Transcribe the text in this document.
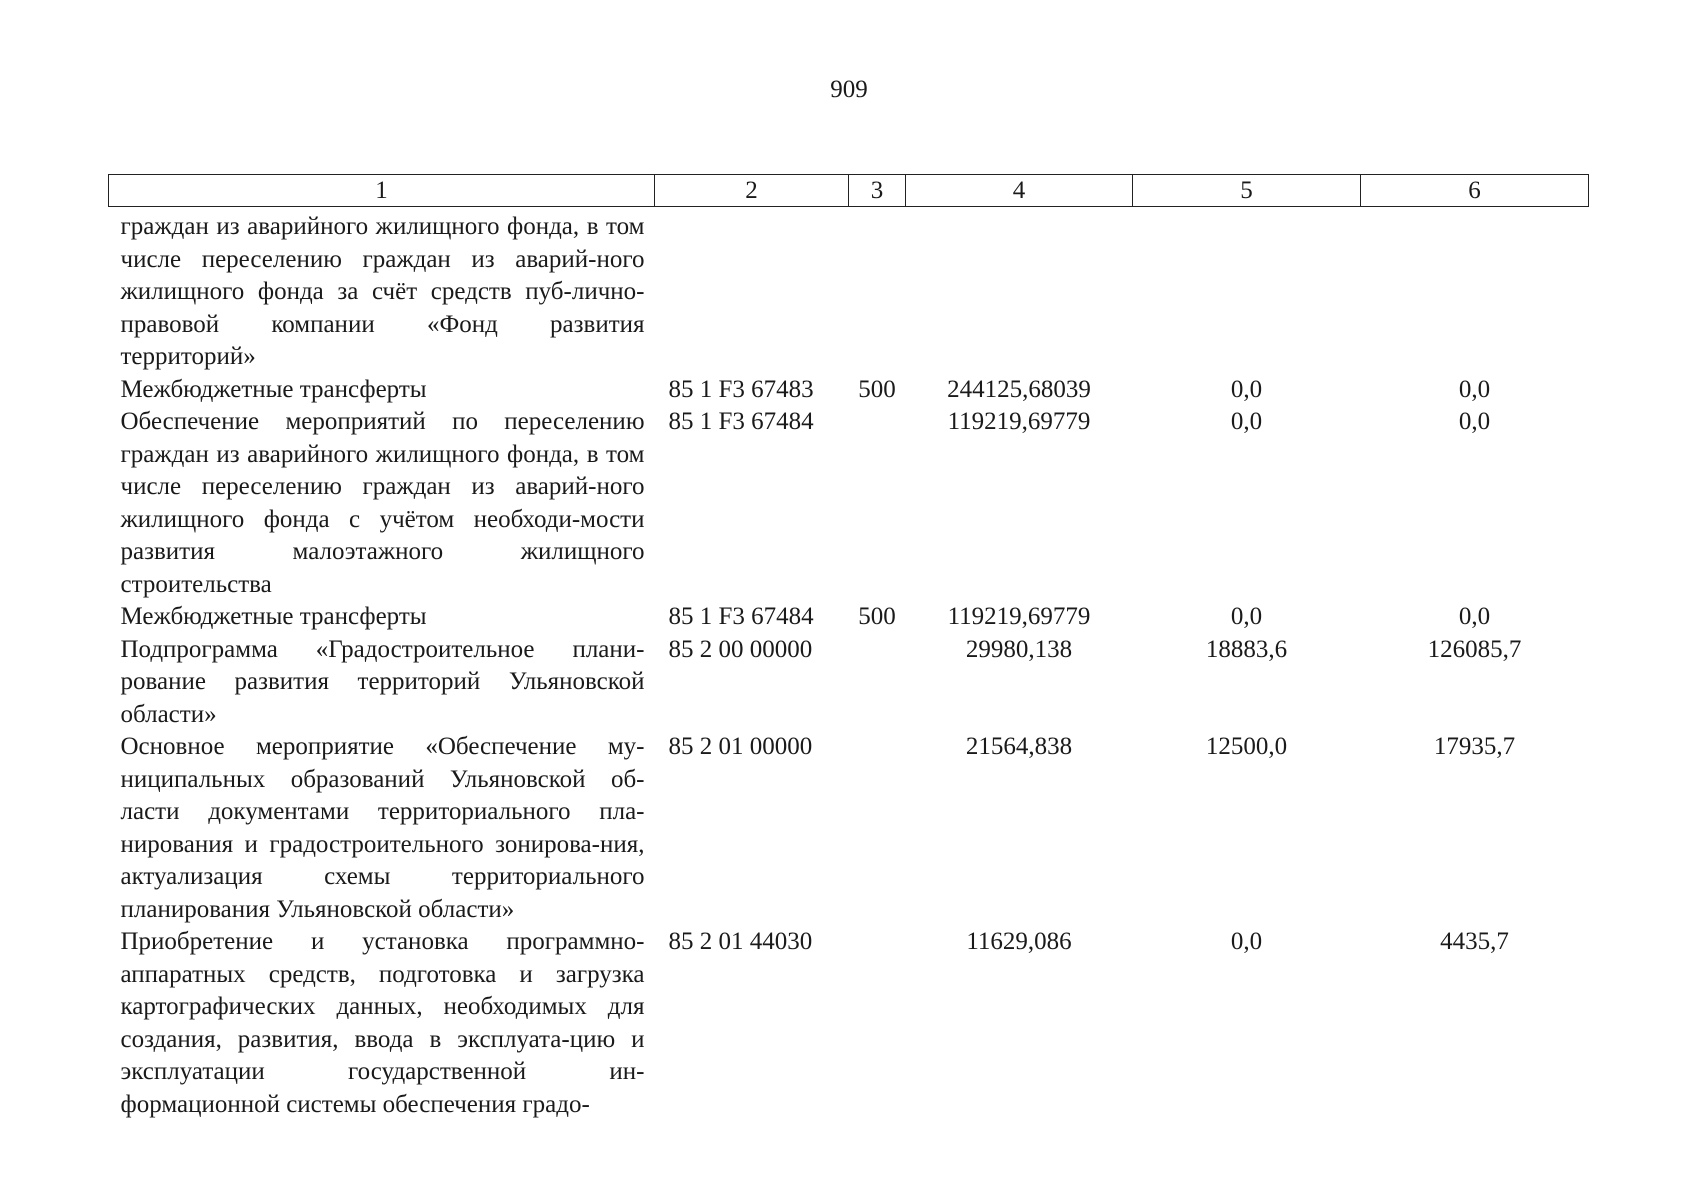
909
1	2	3	4	5	6

граждан из аварийного жилищного фонда, в том числе переселению граждан из аварий-ного жилищного фонда за счёт средств пуб-лично-правовой компании «Фонд развития территорий»					
Межбюджетные трансферты	85 1 F3 67483	500	244125,68039	0,0	0,0
Обеспечение мероприятий по переселению граждан из аварийного жилищного фонда, в том числе переселению граждан из аварий-ного жилищного фонда с учётом необходи-мости развития малоэтажного жилищного строительства	85 1 F3 67484		119219,69779	0,0	0,0
Межбюджетные трансферты	85 1 F3 67484	500	119219,69779	0,0	0,0
Подпрограмма «Градостроительное плани-рование развития территорий Ульяновской области»	85 2 00 00000		29980,138	18883,6	126085,7
Основное мероприятие «Обеспечение му-ниципальных образований Ульяновской об-ласти документами территориального пла-нирования и градостроительного зонирова-ния, актуализация схемы территориального планирования Ульяновской области»	85 2 01 00000		21564,838	12500,0	17935,7
Приобретение и установка программно-аппаратных средств, подготовка и загрузка картографических данных, необходимых для создания, развития, ввода в эксплуата-цию и эксплуатации государственной ин-формационной системы обеспечения градо-	85 2 01 44030		11629,086	0,0	4435,7
